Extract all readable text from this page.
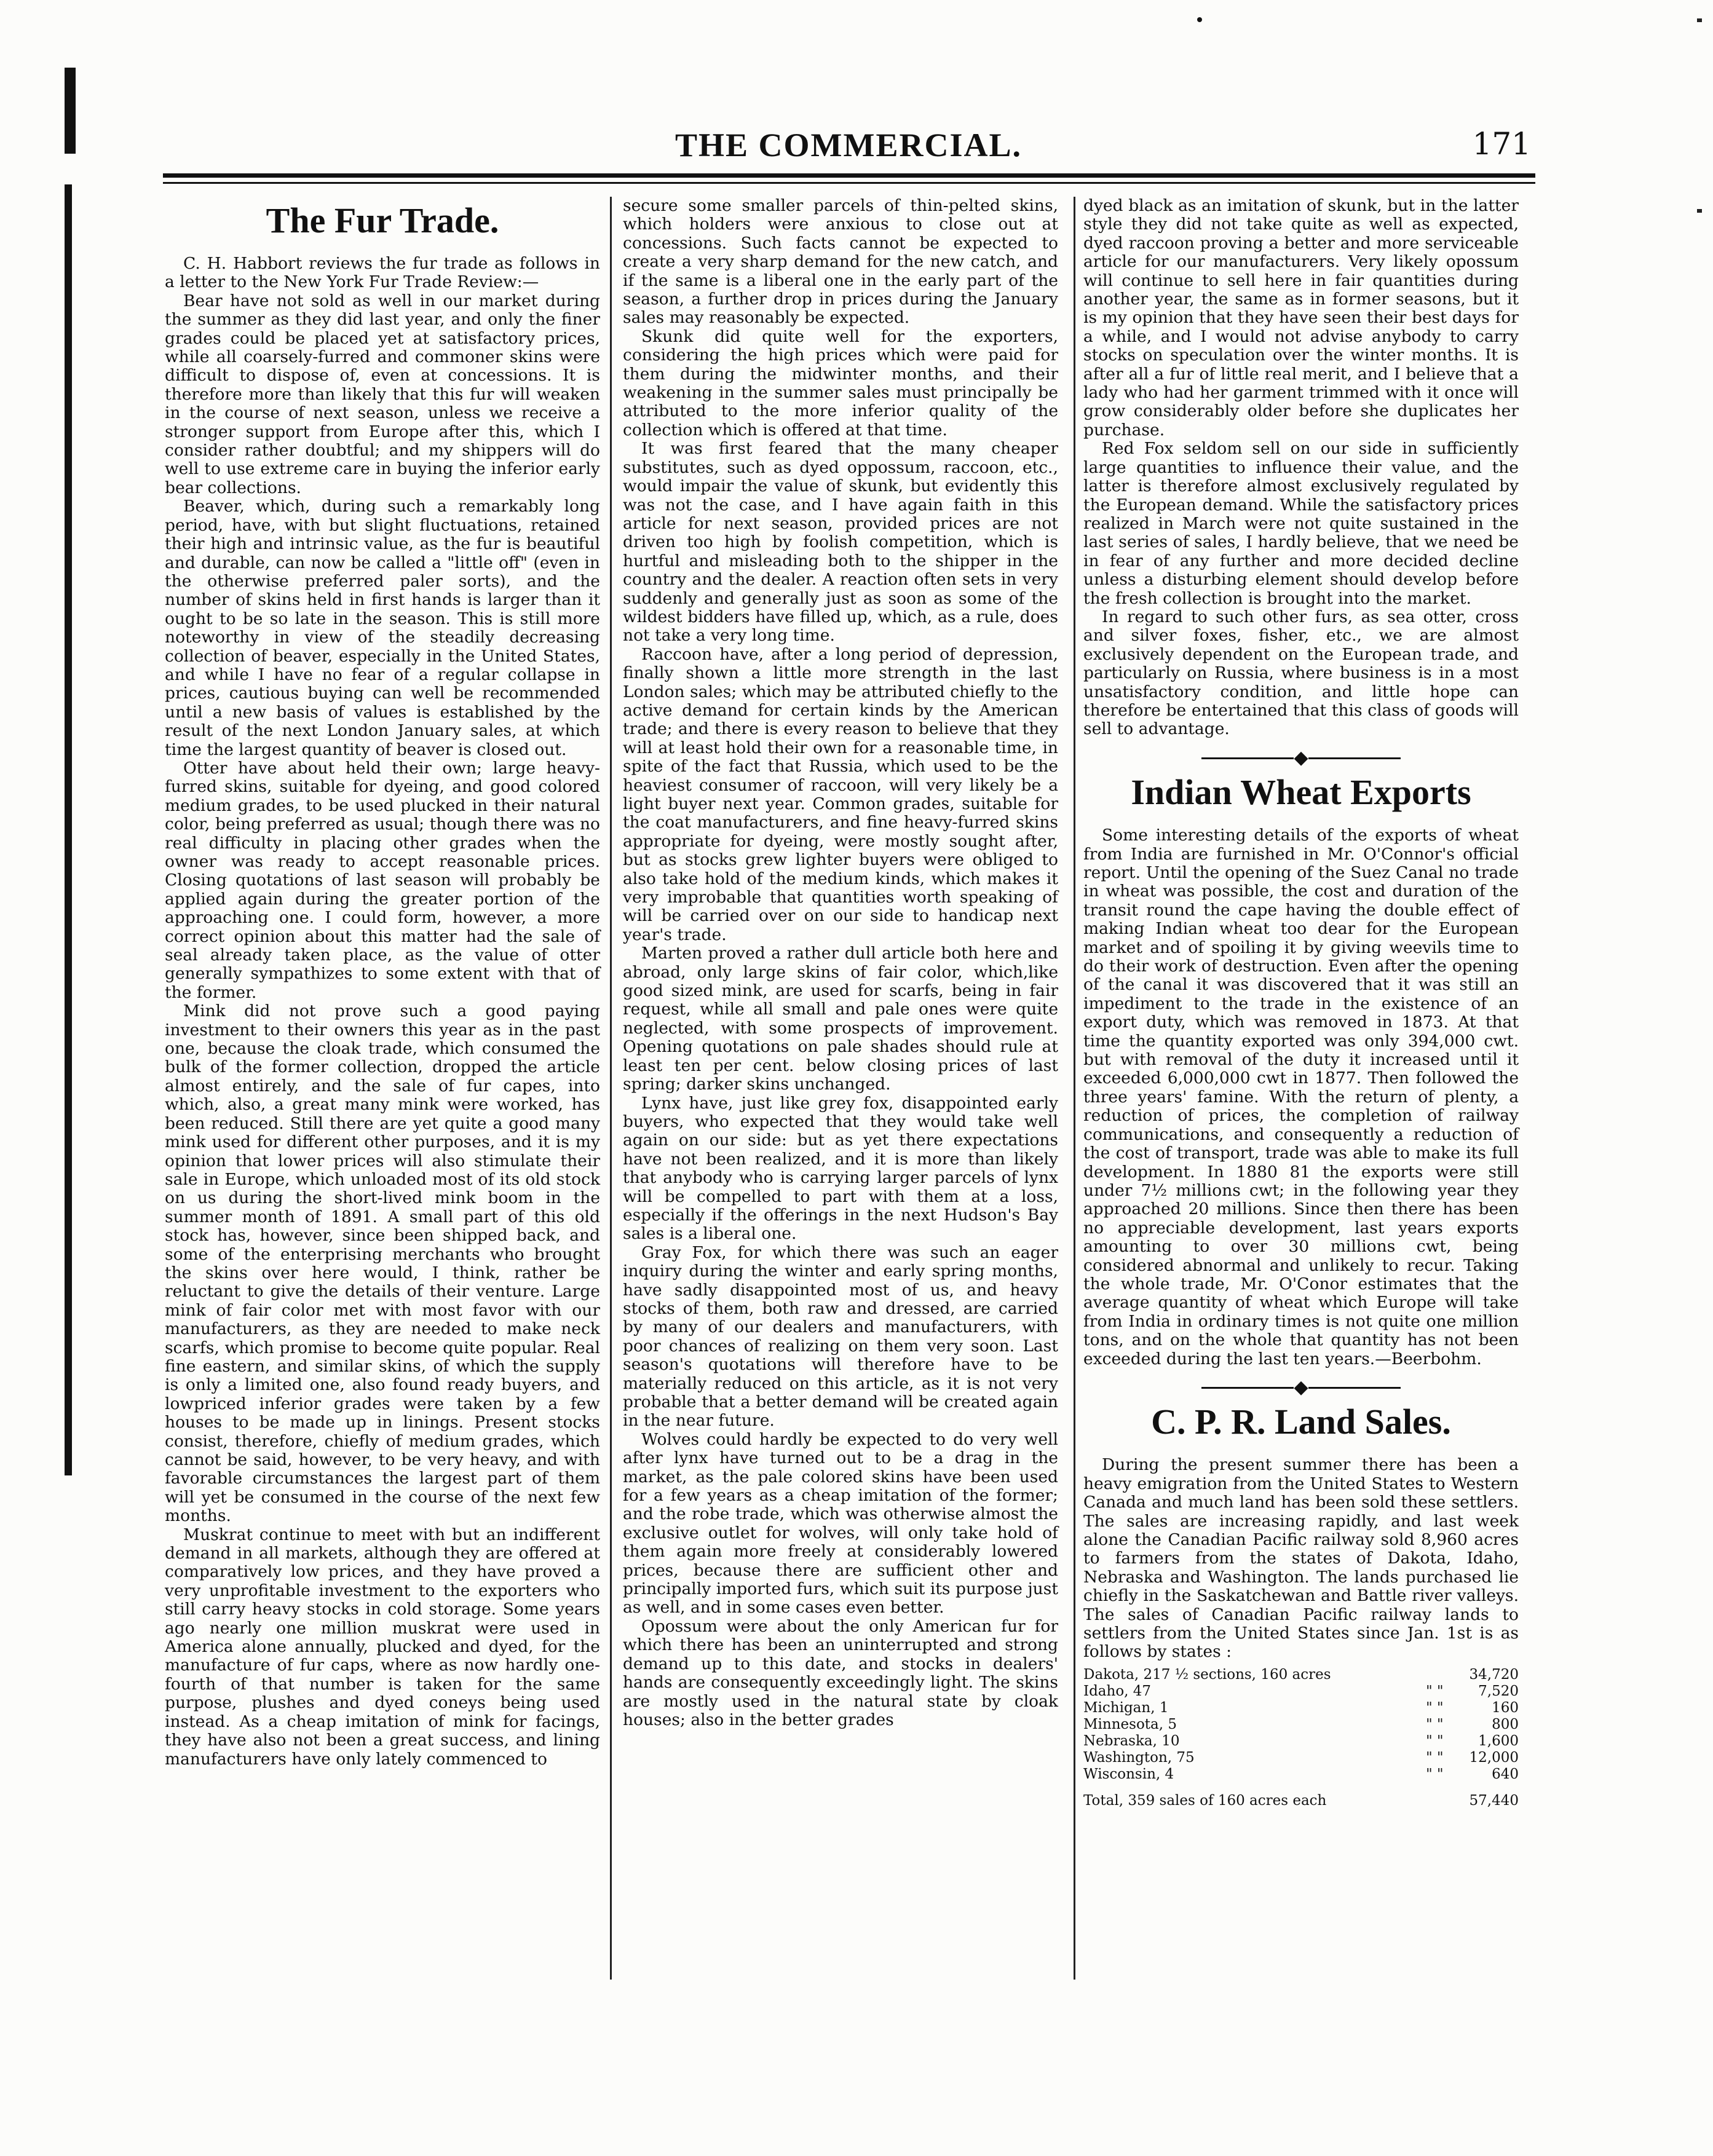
THE COMMERCIAL.	171
The Fur Trade.

C. H. Habbort reviews the fur trade as follows in a letter to the New York Fur Trade Review:—

Bear have not sold as well in our market during the summer as they did last year, and only the finer grades could be placed yet at satisfactory prices, while all coarsely-furred and commoner skins were difficult to dispose of, even at concessions. It is therefore more than likely that this fur will weaken in the course of next season, unless we receive a stronger support from Europe after this, which I consider rather doubtful; and my shippers will do well to use extreme care in buying the inferior early bear collections.

Beaver, which, during such a remarkably long period, have, with but slight fluctuations, retained their high and intrinsic value, as the fur is beautiful and durable, can now be called a "little off" (even in the otherwise preferred paler sorts), and the number of skins held in first hands is larger than it ought to be so late in the season. This is still more noteworthy in view of the steadily decreasing collection of beaver, especially in the United States, and while I have no fear of a regular collapse in prices, cautious buying can well be recommended until a new basis of values is established by the result of the next London January sales, at which time the largest quantity of beaver is closed out.

Otter have about held their own; large heavy-furred skins, suitable for dyeing, and good colored medium grades, to be used plucked in their natural color, being preferred as usual; though there was no real difficulty in placing other grades when the owner was ready to accept reasonable prices. Closing quotations of last season will probably be applied again during the greater portion of the approaching one. I could form, however, a more correct opinion about this matter had the sale of seal already taken place, as the value of otter generally sympathizes to some extent with that of the former.

Mink did not prove such a good paying investment to their owners this year as in the past one, because the cloak trade, which consumed the bulk of the former collection, dropped the article almost entirely, and the sale of fur capes, into which, also, a great many mink were worked, has been reduced. Still there are yet quite a good many mink used for different other purposes, and it is my opinion that lower prices will also stimulate their sale in Europe, which unloaded most of its old stock on us during the short-lived mink boom in the summer month of 1891. A small part of this old stock has, however, since been shipped back, and some of the enterprising merchants who brought the skins over here would, I think, rather be reluctant to give the details of their venture. Large mink of fair color met with most favor with our manufacturers, as they are needed to make neck scarfs, which promise to become quite popular. Real fine eastern, and similar skins, of which the supply is only a limited one, also found ready buyers, and lowpriced inferior grades were taken by a few houses to be made up in linings. Present stocks consist, therefore, chiefly of medium grades, which cannot be said, however, to be very heavy, and with favorable circumstances the largest part of them will yet be consumed in the course of the next few months.

Muskrat continue to meet with but an indifferent demand in all markets, although they are offered at comparatively low prices, and they have proved a very unprofitable investment to the exporters who still carry heavy stocks in cold storage. Some years ago nearly one million muskrat were used in America alone annually, plucked and dyed, for the manufacture of fur caps, where as now hardly one-fourth of that number is taken for the same purpose, plushes and dyed coneys being used instead. As a cheap imitation of mink for facings, they have also not been a great success, and lining manufacturers have only lately commenced to

secure some smaller parcels of thin-pelted skins, which holders were anxious to close out at concessions. Such facts cannot be expected to create a very sharp demand for the new catch, and if the same is a liberal one in the early part of the season, a further drop in prices during the January sales may reasonably be expected.

Skunk did quite well for the exporters, considering the high prices which were paid for them during the midwinter months, and their weakening in the summer sales must principally be attributed to the more inferior quality of the collection which is offered at that time.

It was first feared that the many cheaper substitutes, such as dyed oppossum, raccoon, etc., would impair the value of skunk, but evidently this was not the case, and I have again faith in this article for next season, provided prices are not driven too high by foolish competition, which is hurtful and misleading both to the shipper in the country and the dealer. A reaction often sets in very suddenly and generally just as soon as some of the wildest bidders have filled up, which, as a rule, does not take a very long time.

Raccoon have, after a long period of depression, finally shown a little more strength in the last London sales; which may be attributed chiefly to the active demand for certain kinds by the American trade; and there is every reason to believe that they will at least hold their own for a reasonable time, in spite of the fact that Russia, which used to be the heaviest consumer of raccoon, will very likely be a light buyer next year. Common grades, suitable for the coat manufacturers, and fine heavy-furred skins appropriate for dyeing, were mostly sought after, but as stocks grew lighter buyers were obliged to also take hold of the medium kinds, which makes it very improbable that quantities worth speaking of will be carried over on our side to handicap next year's trade.

Marten proved a rather dull article both here and abroad, only large skins of fair color, which,like good sized mink, are used for scarfs, being in fair request, while all small and pale ones were quite neglected, with some prospects of improvement. Opening quotations on pale shades should rule at least ten per cent. below closing prices of last spring; darker skins unchanged.

Lynx have, just like grey fox, disappointed early buyers, who expected that they would take well again on our side: but as yet there expectations have not been realized, and it is more than likely that anybody who is carrying larger parcels of lynx will be compelled to part with them at a loss, especially if the offerings in the next Hudson's Bay sales is a liberal one.

Gray Fox, for which there was such an eager inquiry during the winter and early spring months, have sadly disappointed most of us, and heavy stocks of them, both raw and dressed, are carried by many of our dealers and manufacturers, with poor chances of realizing on them very soon. Last season's quotations will therefore have to be materially reduced on this article, as it is not very probable that a better demand will be created again in the near future.

Wolves could hardly be expected to do very well after lynx have turned out to be a drag in the market, as the pale colored skins have been used for a few years as a cheap imitation of the former; and the robe trade, which was otherwise almost the exclusive outlet for wolves, will only take hold of them again more freely at considerably lowered prices, because there are sufficient other and principally imported furs, which suit its purpose just as well, and in some cases even better.

Opossum were about the only American fur for which there has been an uninterrupted and strong demand up to this date, and stocks in dealers' hands are consequently exceedingly light. The skins are mostly used in the natural state by cloak houses; also in the better grades

dyed black as an imitation of skunk, but in the latter style they did not take quite as well as expected, dyed raccoon proving a better and more serviceable article for our manufacturers. Very likely opossum will continue to sell here in fair quantities during another year, the same as in former seasons, but it is my opinion that they have seen their best days for a while, and I would not advise anybody to carry stocks on speculation over the winter months. It is after all a fur of little real merit, and I believe that a lady who had her garment trimmed with it once will grow considerably older before she duplicates her purchase.

Red Fox seldom sell on our side in sufficiently large quantities to influence their value, and the latter is therefore almost exclusively regulated by the European demand. While the satisfactory prices realized in March were not quite sustained in the last series of sales, I hardly believe, that we need be in fear of any further and more decided decline unless a disturbing element should develop before the fresh collection is brought into the market.

In regard to such other furs, as sea otter, cross and silver foxes, fisher, etc., we are almost exclusively dependent on the European trade, and particularly on Russia, where business is in a most unsatisfactory condition, and little hope can therefore be entertained that this class of goods will sell to advantage.

◆
Indian Wheat Exports

Some interesting details of the exports of wheat from India are furnished in Mr. O'Connor's official report. Until the opening of the Suez Canal no trade in wheat was possible, the cost and duration of the transit round the cape having the double effect of making Indian wheat too dear for the European market and of spoiling it by giving weevils time to do their work of destruction. Even after the opening of the canal it was discovered that it was still an impediment to the trade in the existence of an export duty, which was removed in 1873. At that time the quantity exported was only 394,000 cwt. but with removal of the duty it increased until it exceeded 6,000,000 cwt in 1877. Then followed the three years' famine. With the return of plenty, a reduction of prices, the completion of railway communications, and consequently a reduction of the cost of transport, trade was able to make its full development. In 1880 81 the exports were still under 7½ millions cwt; in the following year they approached 20 millions. Since then there has been no appreciable development, last years exports amounting to over 30 millions cwt, being considered abnormal and unlikely to recur. Taking the whole trade, Mr. O'Conor estimates that the average quantity of wheat which Europe will take from India in ordinary times is not quite one million tons, and on the whole that quantity has not been exceeded during the last ten years.—Beerbohm.

◆
C. P. R. Land Sales.

During the present summer there has been a heavy emigration from the United States to Western Canada and much land has been sold these settlers. The sales are increasing rapidly, and last week alone the Canadian Pacific railway sold 8,960 acres to farmers from the states of Dakota, Idaho, Nebraska and Washington. The lands purchased lie chiefly in the Saskatchewan and Battle river valleys. The sales of Canadian Pacific railway lands to settlers from the United States since Jan. 1st is as follows by states :

Dakota, 217 ½ sections, 160 acres		34,720
Idaho, 47	" "	7,520
Michigan, 1	" "	160
Minnesota, 5	" "	800
Nebraska, 10	" "	1,600
Washington, 75	" "	12,000
Wisconsin, 4	" "	640
Total, 359 sales of 160 acres each	57,440
